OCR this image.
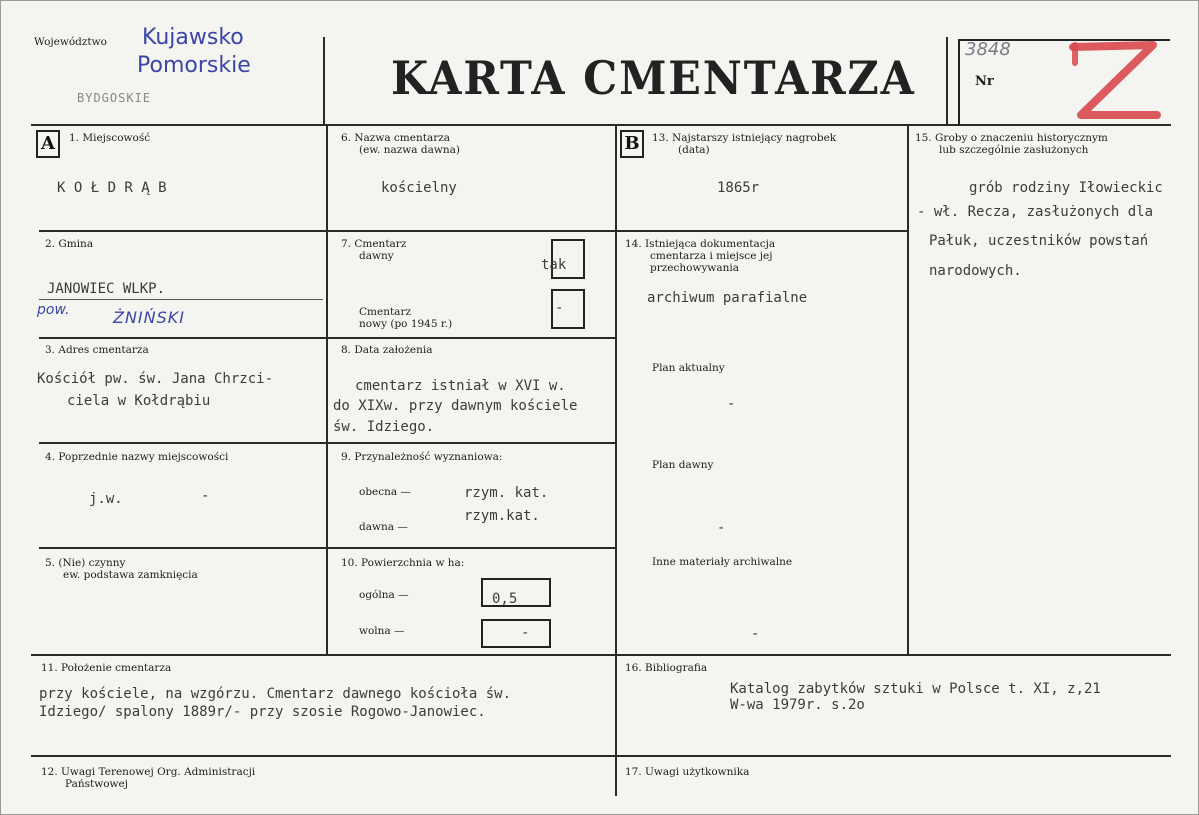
Województwo Kujawsko
Pomorskie
BYDGOSKIE	KARTA CMENTARZA
3848
Nr
A	B
1. Miejscowość
K O Ł D R Ą B
2. Gmina
JANOWIEC WLKP.
pow.	ŻNIŃSKI
3. Adres cmentarza
Kościół pw. św. Jana Chrzci-
ciela w Kołdrąbiu
4. Poprzednie nazwy miejscowości
j.w.	-
5. (Nie) czynny
ew. podstawa zamknięcia
6. Nazwa cmentarza
(ew. nazwa dawna)
kościelny
7. Cmentarz
dawny
tak
Cmentarz
nowy (po 1945 r.)
-
8. Data założenia
cmentarz istniał w XVI w.
do XIXw. przy dawnym kościele
św. Idziego.
9. Przynależność wyznaniowa:
obecna —	rzym. kat.
dawna —
rzym.kat.
10. Powierzchnia w ha:
ogólna —	0,5
wolna —	-
11. Położenie cmentarza
przy kościele, na wzgórzu. Cmentarz dawnego kościoła św.
Idziego/ spalony 1889r/- przy szosie Rogowo-Janowiec.
12. Uwagi Terenowej Org. Administracji
Państwowej
13. Najstarszy istniejący nagrobek
(data)
1865r
14. Istniejąca dokumentacja
cmentarza i miejsce jej
przechowywania
archiwum parafialne
Plan aktualny
-
Plan dawny
-
Inne materiały archiwalne
-
15. Groby o znaczeniu historycznym
lub szczególnie zasłużonych
grób rodziny Iłowieckic
- wł. Recza, zasłużonych dla
Pałuk, uczestników powstań
narodowych.
16. Bibliografia
Katalog zabytków sztuki w Polsce t. XI, z,21
W-wa 1979r. s.2o
17. Uwagi użytkownika
